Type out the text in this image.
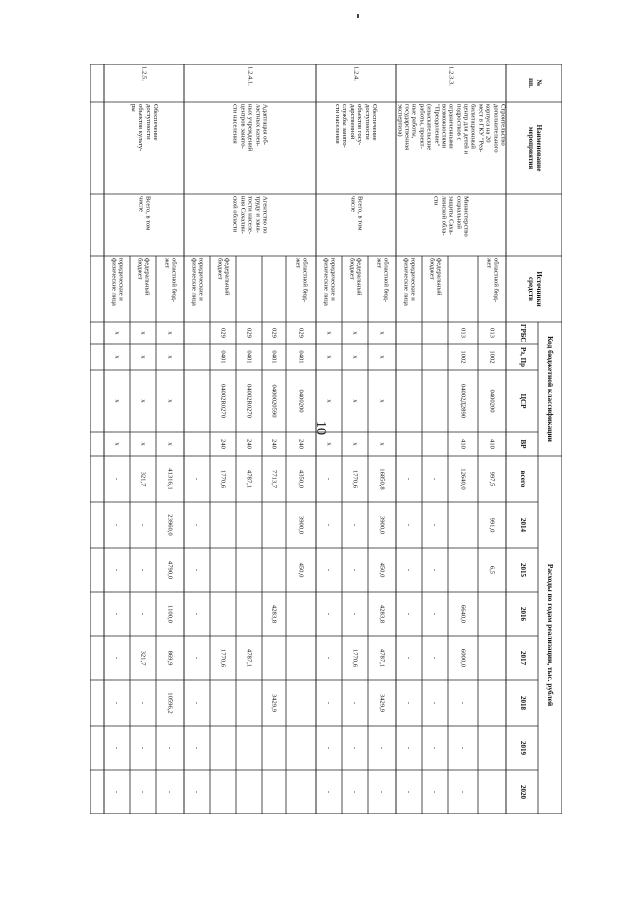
10
№
пп.
Наименование
мероприятия
Источники
средств
Код бюджетной классификации
ГРБС
Рз, Пр
ЦСР
ВР
Расходы по годам реализации, тыс. рублей
всего
2014
2015
2016
2017
2018
2019
2020
1.2.3.3.
Строительство
дополнительного
корпуса на 20
мест в ГКУ "Реа-
билитационный
центр для детей и
подростков с
ограниченными
возможностями
"Преодоление"
(изыскательские
работы, проект-
ные работы,
государственная
экспертиза)
Министерство
социальной
защиты Саха-
линской обла-
сти
областной бюд-
жет
013
1002
0400200
410
997,5
991,0
6,5
013
1002
04002Д2890
410
12640,0
6640,0
6000,0
-
-
-
федеральный
бюджет
-
-
-
-
-
-
-
-
юридические и
физические лица
-
-
-
-
-
-
-
-
1.2.4.
Обеспечение
доступности
объектов госу-
дарственной
службы занято-
сти населения
Всего, в том
числе
областной бюд-
жет
x
x
x
x
16850,8
3900,0
450,0
4283,8
4787,1
3429,9
-
-
федеральный
бюджет
x
x
x
x
1770,6
-
-
-
1770,6
-
-
-
юридические и
физические лица
x
x
x
x
-
-
-
-
-
-
-
-
1.2.4.1.
Адаптация об-
ластных казен-
ных учреждений
центров занято-
сти населения
Агентство по
труду и заня-
тости населе-
ния Сахалин-
ской области
областной бюд-
жет
029
0401
0400200
240
4350,0
3900,0
450,0
029
0401
0400020590
240
7713,7
4283,8
3429,9
029
0401
04002R0270
240
4787,1
4787,1
федеральный
бюджет
029
0401
04002R0270
240
1770,6
1770,6
юридические и
физические лица
-
-
-
-
-
-
-
-
1.2.5.
Обеспечение
доступности
объектов культу-
ры
Всего, в том
числе
областной бюд-
жет
x
x
x
x
41316,1
23960,0
4790,0
1100,0
869,9
10596,2
-
-
федеральный
бюджет
x
x
x
x
321,7
-
-
-
321,7
-
-
-
юридические и
физические лица
x
x
x
x
-
-
-
-
-
-
-
-
